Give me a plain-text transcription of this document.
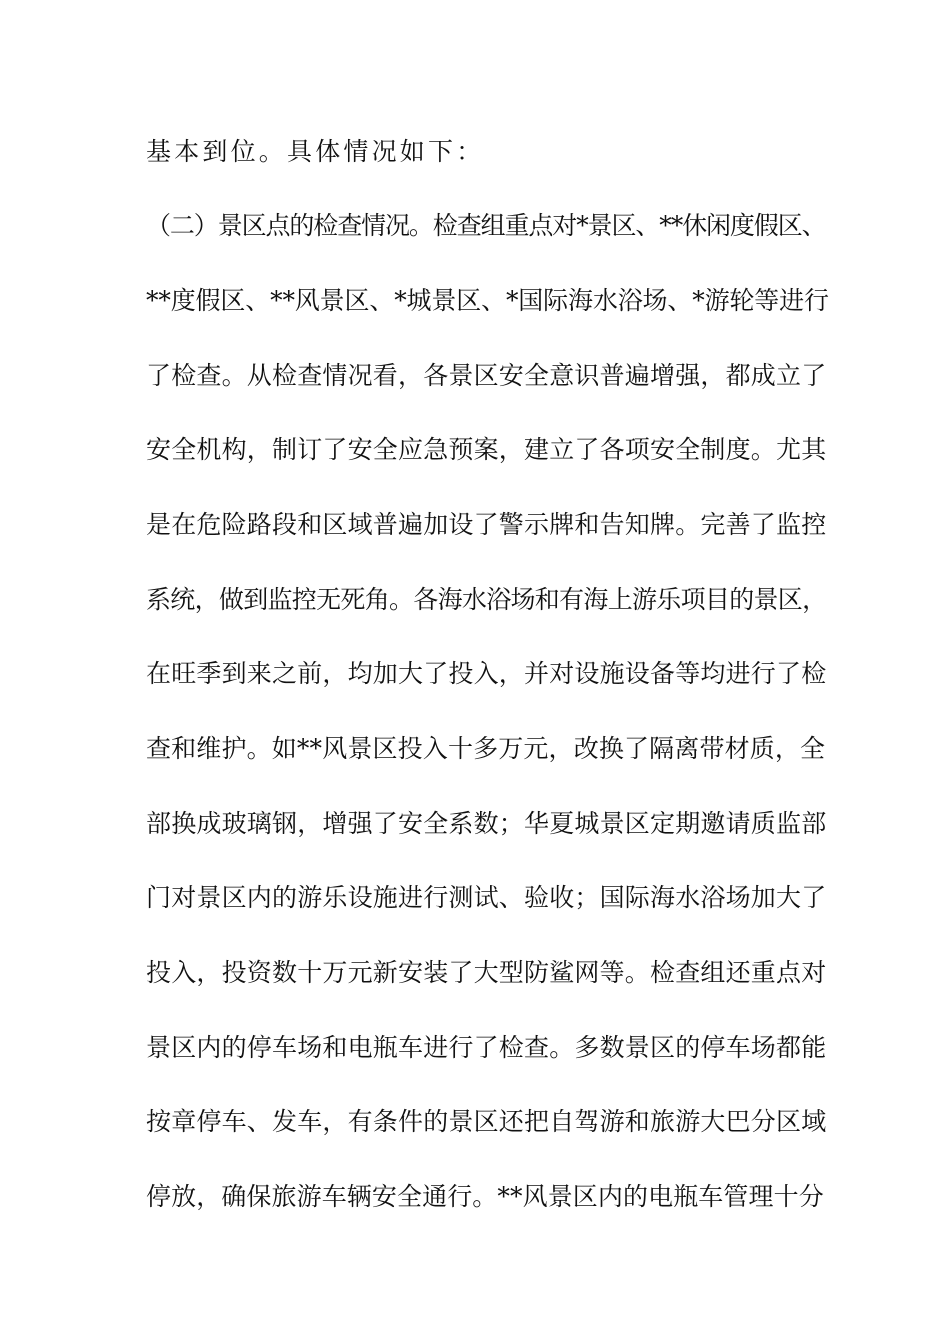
基本到位。具体情况如下：
（二）景区点的检查情况。检查组重点对*景区、**休闲度假区、
**度假区、**风景区、*城景区、*国际海水浴场、*游轮等进行
了检查。从检查情况看，各景区安全意识普遍增强，都成立了
安全机构，制订了安全应急预案，建立了各项安全制度。尤其
是在危险路段和区域普遍加设了警示牌和告知牌。完善了监控
系统，做到监控无死角。各海水浴场和有海上游乐项目的景区，
在旺季到来之前，均加大了投入，并对设施设备等均进行了检
查和维护。如**风景区投入十多万元，改换了隔离带材质，全
部换成玻璃钢，增强了安全系数；华夏城景区定期邀请质监部
门对景区内的游乐设施进行测试、验收；国际海水浴场加大了
投入，投资数十万元新安装了大型防鲨网等。检查组还重点对
景区内的停车场和电瓶车进行了检查。多数景区的停车场都能
按章停车、发车，有条件的景区还把自驾游和旅游大巴分区域
停放，确保旅游车辆安全通行。**风景区内的电瓶车管理十分
